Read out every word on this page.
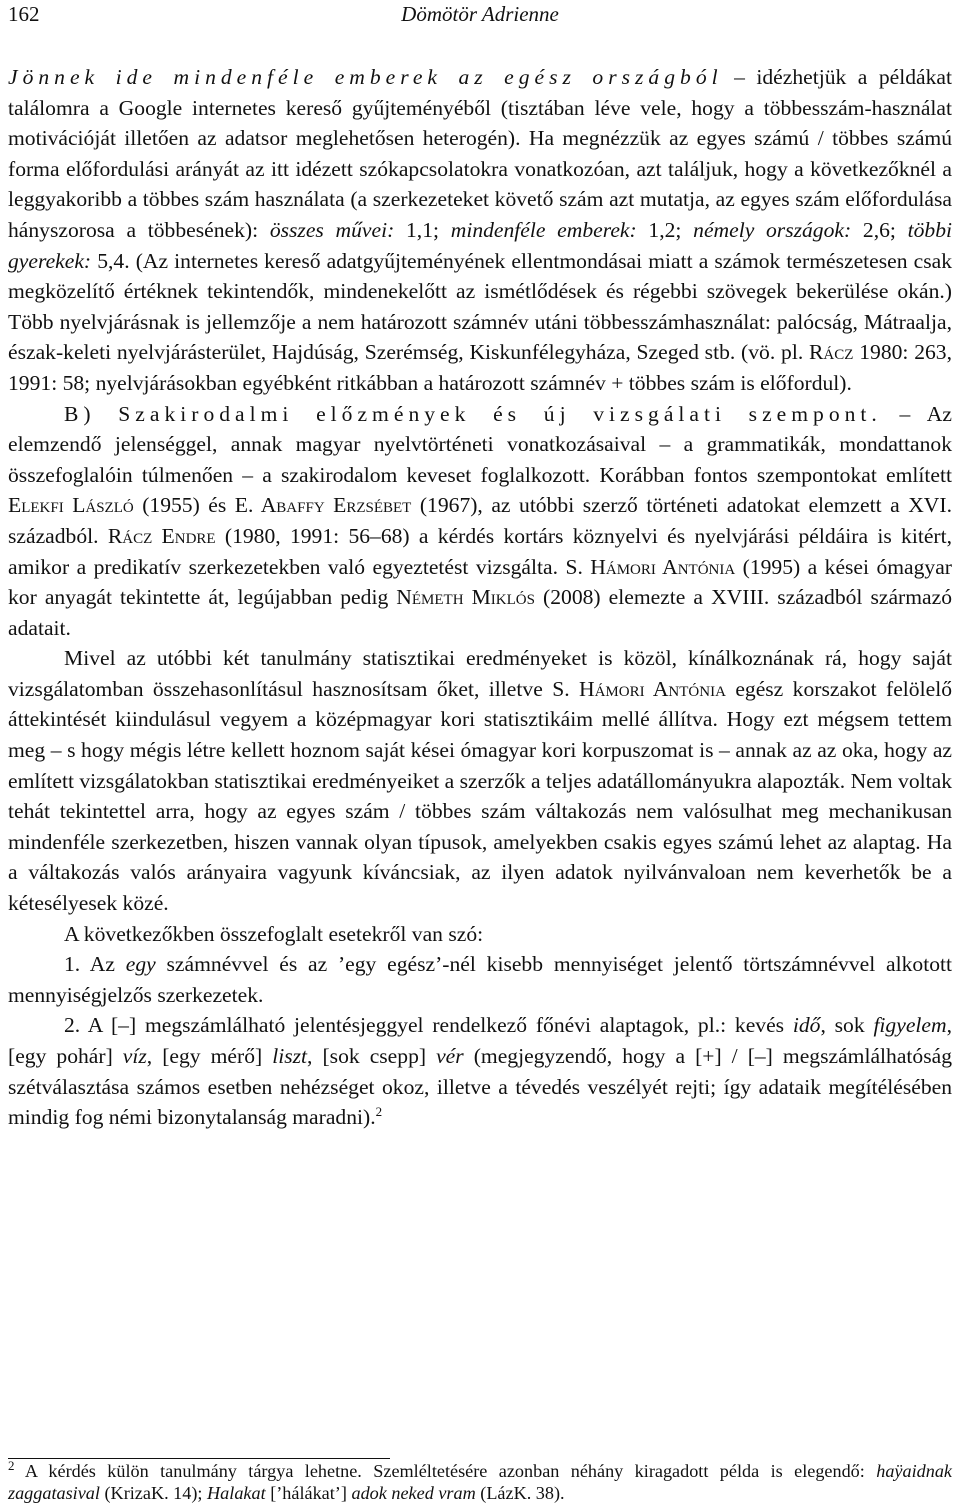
162	Dömötör Adrienne

Jönnek ide mindenféle emberek az egész országból – idézhetjük a példákat találomra a Google internetes kereső gyűjteményéből (tisztában léve vele, hogy a többesszám-használat motivációját illetően az adatsor meglehetősen heterogén). Ha megnézzük az egyes számú / többes számú forma előfordulási arányát az itt idézett szókapcsolatokra vonatkozóan, azt találjuk, hogy a következőknél a leggyakoribb a többes szám használata (a szerkezeteket követő szám azt mutatja, az egyes szám előfordulása hányszorosa a többesének): összes művei: 1,1; mindenféle emberek: 1,2; némely országok: 2,6; többi gyerekek: 5,4. (Az internetes kereső adatgyűjteményének ellentmondásai miatt a számok természetesen csak megközelítő értéknek tekintendők, mindenekelőtt az ismétlődések és régebbi szövegek bekerülése okán.) Több nyelvjárásnak is jellemzője a nem határozott számnév utáni többesszámhasználat: palócság, Mátraalja, észak-keleti nyelvjárásterület, Hajdúság, Szerémség, Kiskunfélegyháza, Szeged stb. (vö. pl. Rácz 1980: 263, 1991: 58; nyelvjárásokban egyébként ritkábban a határozott számnév + többes szám is előfordul).

B) Szakirodalmi előzmények és új vizsgálati szempont. – Az elemzendő jelenséggel, annak magyar nyelvtörténeti vonatkozásaival – a grammatikák, mondattanok összefoglalóin túlmenően – a szakirodalom keveset foglalkozott. Korábban fontos szempontokat említett Elekfi László (1955) és E. Abaffy Erzsébet (1967), az utóbbi szerző történeti adatokat elemzett a XVI. századból. Rácz Endre (1980, 1991: 56–68) a kérdés kortárs köznyelvi és nyelvjárási példáira is kitért, amikor a predikatív szerkezetekben való egyeztetést vizsgálta. S. Hámori Antónia (1995) a kései ómagyar kor anyagát tekintette át, legújabban pedig Németh Miklós (2008) elemezte a XVIII. századból származó adatait.

Mivel az utóbbi két tanulmány statisztikai eredményeket is közöl, kínálkoznának rá, hogy saját vizsgálatomban összehasonlításul hasznosítsam őket, illetve S. Hámori Antónia egész korszakot felölelő áttekintését kiindulásul vegyem a középmagyar kori statisztikáim mellé állítva. Hogy ezt mégsem tettem meg – s hogy mégis létre kellett hoznom saját kései ómagyar kori korpuszomat is – annak az az oka, hogy az említett vizsgálatokban statisztikai eredményeiket a szerzők a teljes adatállományukra alapozták. Nem voltak tehát tekintettel arra, hogy az egyes szám / többes szám váltakozás nem valósulhat meg mechanikusan mindenféle szerkezetben, hiszen vannak olyan típusok, amelyekben csakis egyes számú lehet az alaptag. Ha a váltakozás valós arányaira vagyunk kíváncsiak, az ilyen adatok nyilvánvaloan nem keverhetők be a kétesélyesek közé.

A következőkben összefoglalt esetekről van szó:

1. Az egy számnévvel és az ’egy egész’-nél kisebb mennyiséget jelentő törtszámnévvel alkotott mennyiségjelzős szerkezetek.

2. A [–] megszámlálható jelentésjeggyel rendelkező főnévi alaptagok, pl.: kevés idő, sok figyelem, [egy pohár] víz, [egy mérő] liszt, [sok csepp] vér (megjegyzendő, hogy a [+] / [–] megszámlálhatóság szétválasztása számos esetben nehézséget okoz, illetve a tévedés veszélyét rejti; így adataik megítélésében mindig fog némi bizonytalanság maradni).$^2$

$^2$ A kérdés külön tanulmány tárgya lehetne. Szemléltetésére azonban néhány kiragadott példa is elegendő: haÿaidnak zaggatasival (KrizaK. 14); Halakat [’hálákat’] adok neked vram (LázK. 38).
